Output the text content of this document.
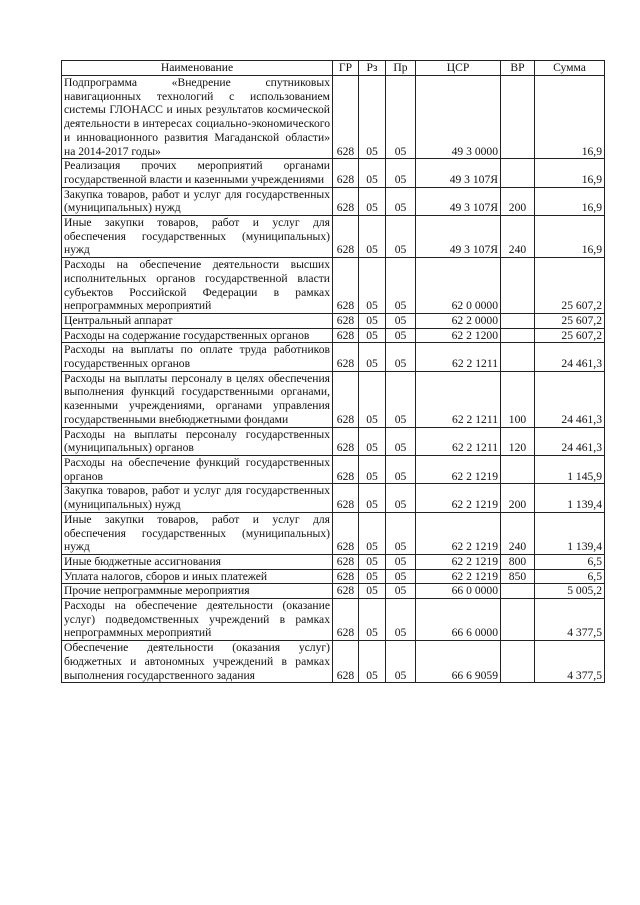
Наименование	ГР	Рз	Пр	ЦСР	ВР	Сумма
Подпрограмма «Внедрение спутниковых навигационных технологий с использованием системы ГЛОНАСС и иных результатов космической деятельности в интересах социально-экономического и инновационного развития Магаданской области» на 2014-2017 годы»	628	05	05	49 3 0000		16,9
Реализация прочих мероприятий органами государственной власти и казенными учреждениями	628	05	05	49 3 107Я		16,9
Закупка товаров, работ и услуг для государственных (муниципальных) нужд	628	05	05	49 3 107Я	200	16,9
Иные закупки товаров, работ и услуг для обеспечения государственных (муниципальных) нужд	628	05	05	49 3 107Я	240	16,9
Расходы на обеспечение деятельности высших исполнительных органов государственной власти субъектов Российской Федерации в рамках непрограммных мероприятий	628	05	05	62 0 0000		25 607,2
Центральный аппарат	628	05	05	62 2 0000		25 607,2
Расходы на содержание государственных органов	628	05	05	62 2 1200		25 607,2
Расходы на выплаты по оплате труда работников государственных органов	628	05	05	62 2 1211		24 461,3
Расходы на выплаты персоналу в целях обеспечения выполнения функций государственными органами, казенными учреждениями, органами управления государственными внебюджетными фондами	628	05	05	62 2 1211	100	24 461,3
Расходы на выплаты персоналу государственных (муниципальных) органов	628	05	05	62 2 1211	120	24 461,3
Расходы на обеспечение функций государственных органов	628	05	05	62 2 1219		1 145,9
Закупка товаров, работ и услуг для государственных (муниципальных) нужд	628	05	05	62 2 1219	200	1 139,4
Иные закупки товаров, работ и услуг для обеспечения государственных (муниципальных) нужд	628	05	05	62 2 1219	240	1 139,4
Иные бюджетные ассигнования	628	05	05	62 2 1219	800	6,5
Уплата налогов, сборов и иных платежей	628	05	05	62 2 1219	850	6,5
Прочие непрограммные мероприятия	628	05	05	66 0 0000		5 005,2
Расходы на обеспечение деятельности (оказание услуг) подведомственных учреждений в рамках непрограммных мероприятий	628	05	05	66 6 0000		4 377,5
Обеспечение деятельности (оказания услуг) бюджетных и автономных учреждений в рамках выполнения государственного задания	628	05	05	66 6 9059		4 377,5
